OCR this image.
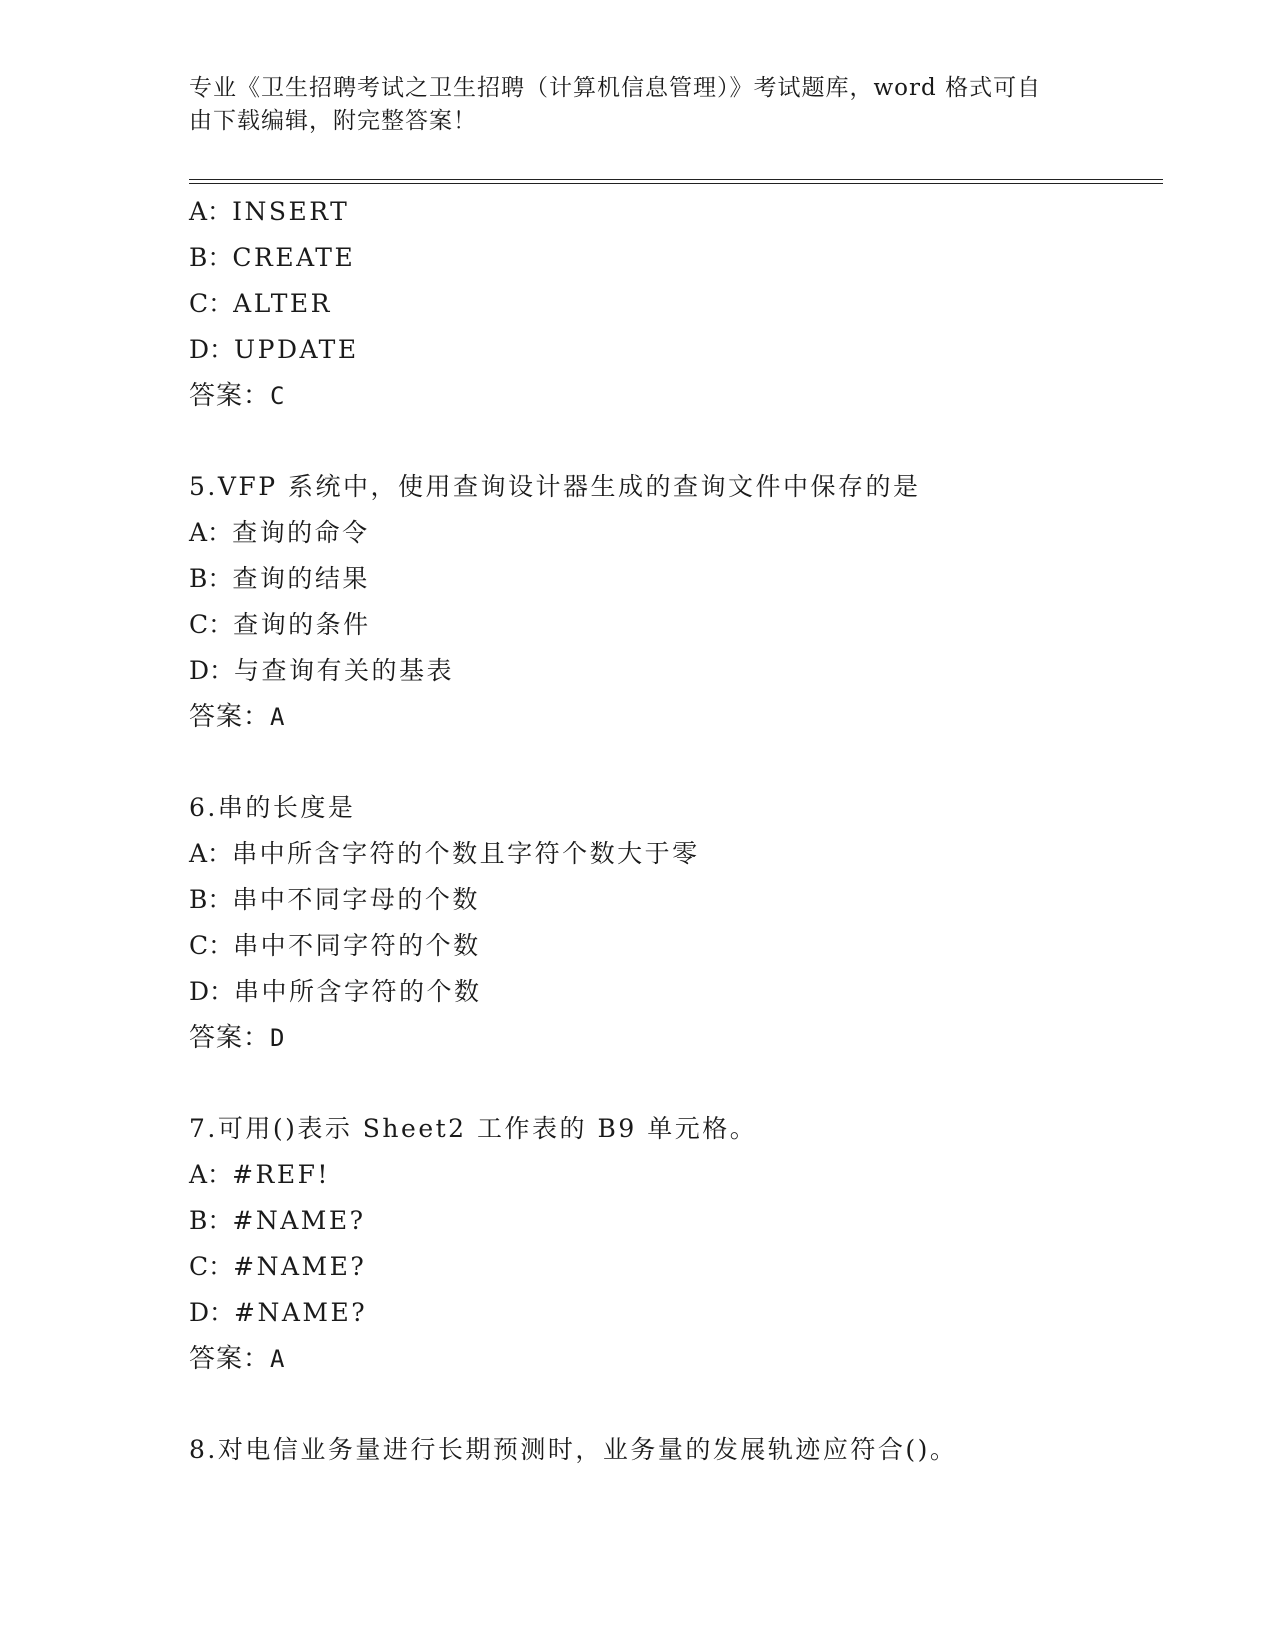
专业《卫生招聘考试之卫生招聘（计算机信息管理）》考试题库，word 格式可自
由下载编辑，附完整答案！
A：INSERT
B：CREATE
C：ALTER
D：UPDATE
答案：C
5.VFP 系统中，使用查询设计器生成的查询文件中保存的是
A：查询的命令
B：查询的结果
C：查询的条件
D：与查询有关的基表
答案：A
6.串的长度是
A：串中所含字符的个数且字符个数大于零
B：串中不同字母的个数
C：串中不同字符的个数
D：串中所含字符的个数
答案：D
7.可用()表示 Sheet2 工作表的 B9 单元格。
A：#REF!
B：#NAME?
C：#NAME?
D：#NAME?
答案：A
8.对电信业务量进行长期预测时，业务量的发展轨迹应符合()。
